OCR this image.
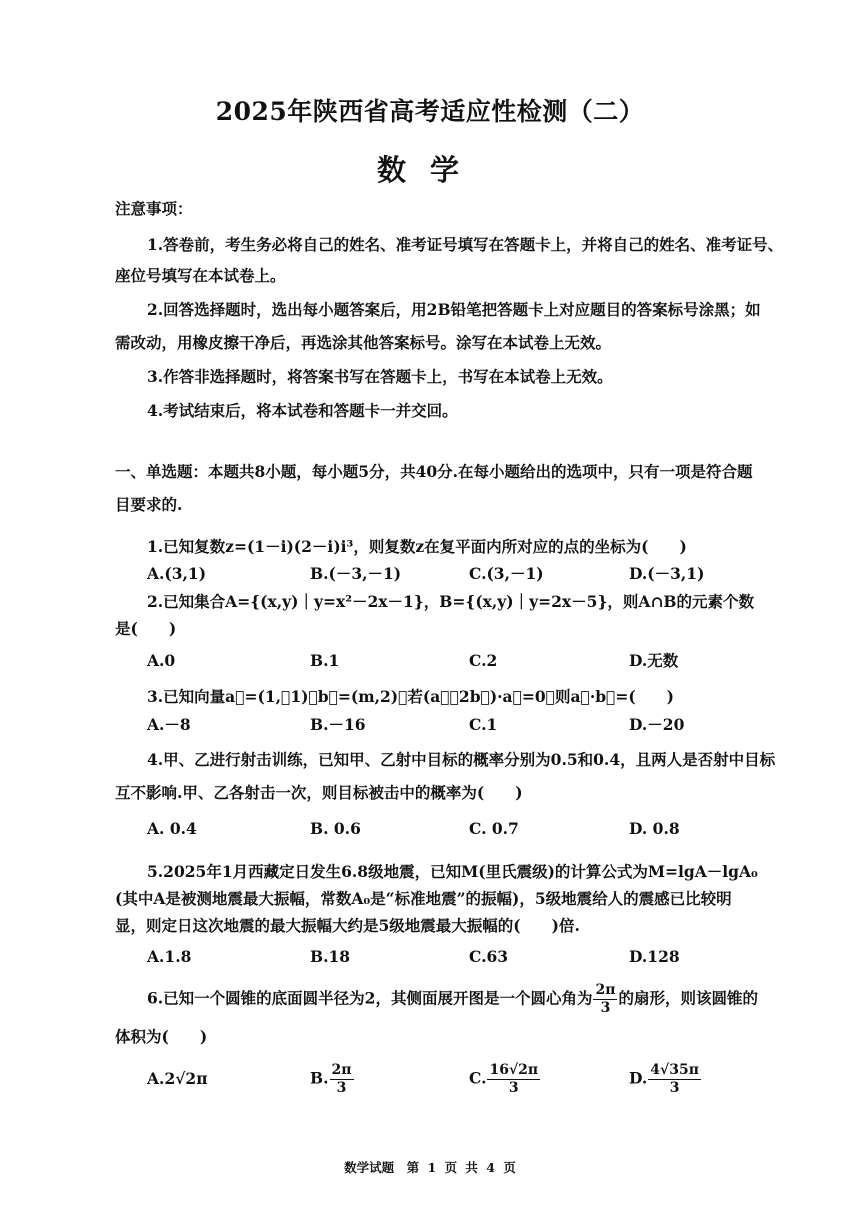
2025年陕西省高考适应性检测（二）
数学
注意事项：
1.答卷前，考生务必将自己的姓名、准考证号填写在答题卡上，并将自己的姓名、准考证号、
座位号填写在本试卷上。
2.回答选择题时，选出每小题答案后，用2B铅笔把答题卡上对应题目的答案标号涂黑；如
需改动，用橡皮擦干净后，再选涂其他答案标号。涂写在本试卷上无效。
3.作答非选择题时，将答案书写在答题卡上，书写在本试卷上无效。
4.考试结束后，将本试卷和答题卡一并交回。
一、单选题：本题共8小题，每小题5分，共40分.在每小题给出的选项中，只有一项是符合题
目要求的.
1.已知复数z=(1－i)(2－i)i³，则复数z在复平面内所对应的点的坐标为(　　)
A.(3,1)	B.(－3,－1)	C.(3,－1)	D.(－3,1)
2.已知集合A={(x,y)｜y=x²－2x－1}，B={(x,y)｜y=2x－5}，则A∩B的元素个数
是(　　)
A.0	B.1	C.2	D.无数
3.已知向量a⃗=(1,－1)，b⃗=(m,2)，若(a⃗－2b⃗)·a⃗=0，则a⃗·b⃗=(　　)
A.－8	B.－16	C.1	D.－20
4.甲、乙进行射击训练，已知甲、乙射中目标的概率分别为0.5和0.4，且两人是否射中目标
互不影响.甲、乙各射击一次，则目标被击中的概率为(　　)
A. 0.4	B. 0.6	C. 0.7	D. 0.8
5.2025年1月西藏定日发生6.8级地震，已知M(里氏震级)的计算公式为M=lgA－lgA₀
(其中A是被测地震最大振幅，常数A₀是“标准地震”的振幅)，5级地震给人的震感已比较明
显，则定日这次地震的最大振幅大约是5级地震最大振幅的(　　)倍.
A.1.8	B.18	C.63	D.128
6.已知一个圆锥的底面圆半径为2，其侧面展开图是一个圆心角为 $\frac{2\pi}{3}$ 的扇形，则该圆锥的
体积为(　　)
A.2√2π	B. $\frac{2\pi}{3}$	C. $\frac{16√2\pi}{3}$	D. $\frac{4√35\pi}{3}$
数学试题　第 1 页 共 4 页
